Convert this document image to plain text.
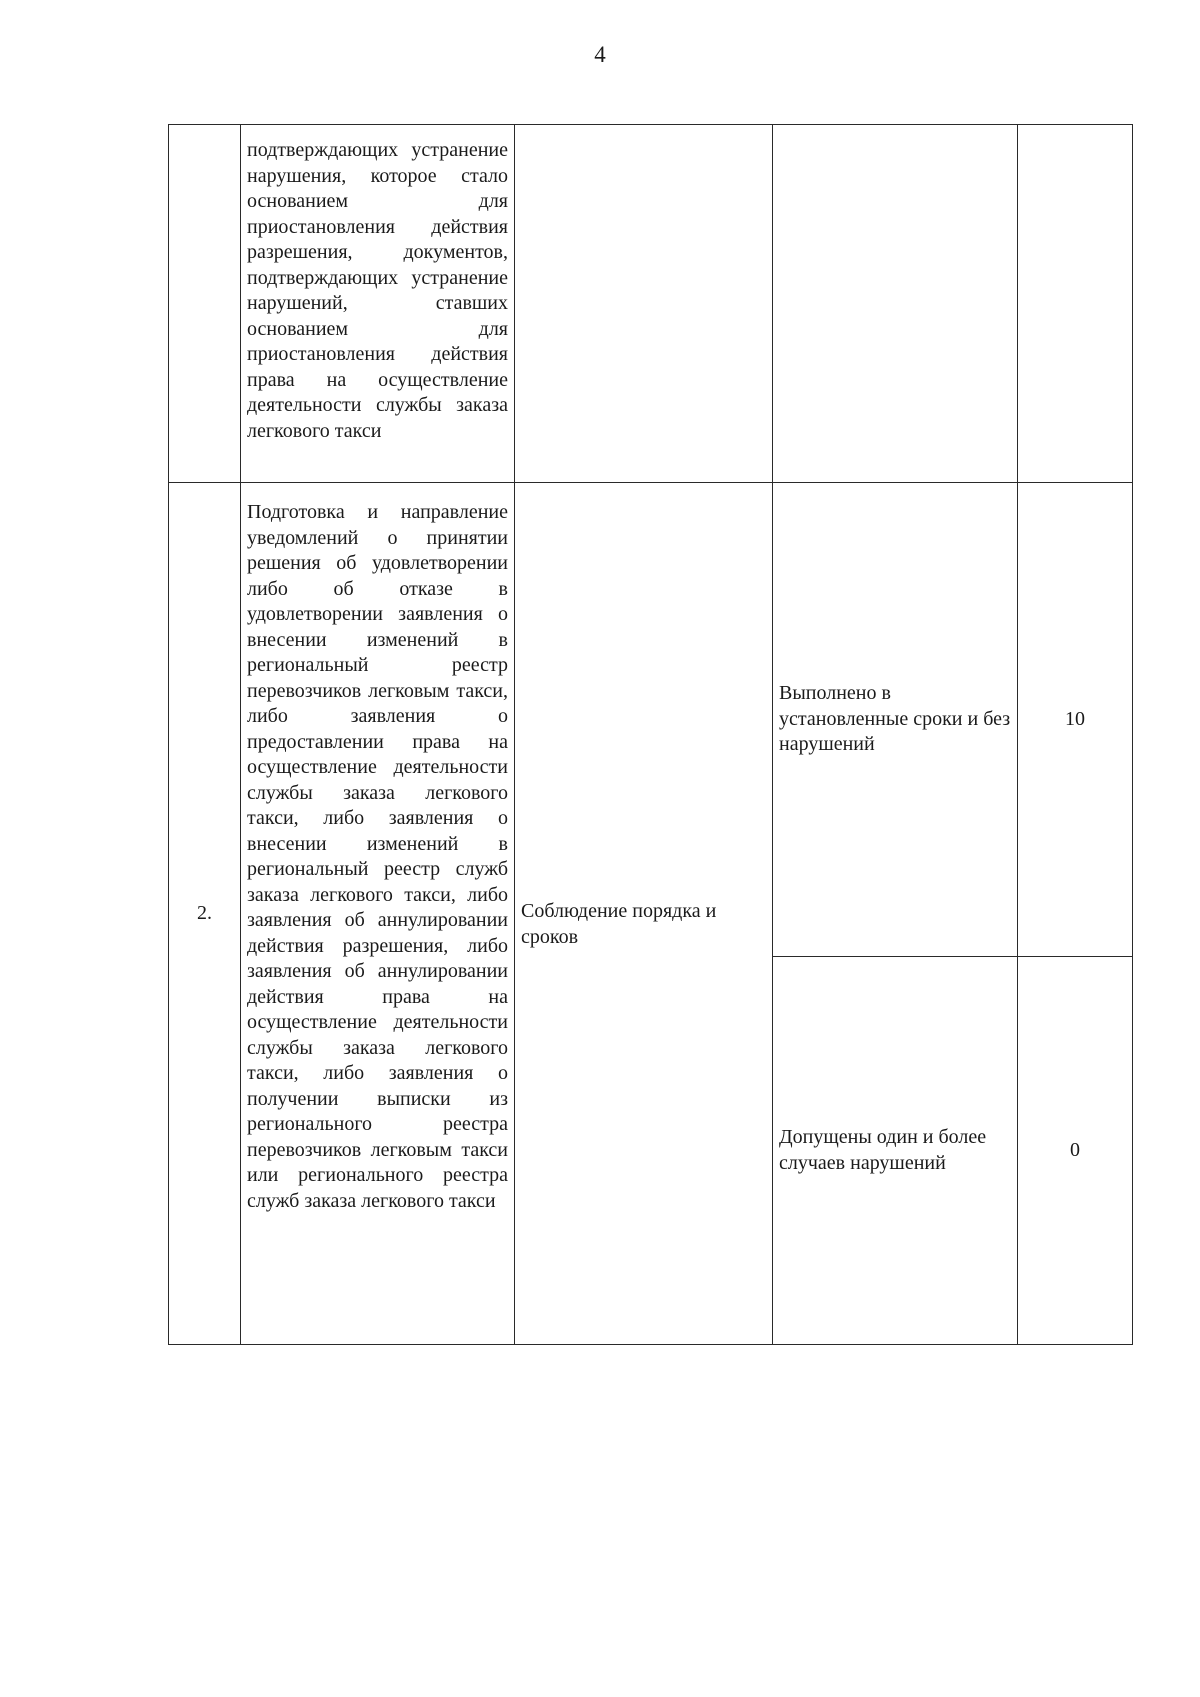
4
	подтверждающих устранение нарушения, которое стало основанием для приостановления действия разрешения, документов, подтверждающих устранение нарушений, ставших основанием для приостановления действия права на осуществление деятельности службы заказа легкового такси			
2.	Подготовка и направление уведомлений о принятии решения об удовлетворении либо об отказе в удовлетворении заявления о внесении изменений в региональный реестр перевозчиков легковым такси, либо заявления о предоставлении права на осуществление деятельности службы заказа легкового такси, либо заявления о внесении изменений в региональный реестр служб заказа легкового такси, либо заявления об аннулировании действия разрешения, либо заявления об аннулировании действия права на осуществление деятельности службы заказа легкового такси, либо заявления о получении выписки из регионального реестра перевозчиков легковым такси или регионального реестра служб заказа легкового такси	Соблюдение порядка и сроков	Выполнено в установленные сроки и без нарушений	10
			Допущены один и более случаев нарушений	0
